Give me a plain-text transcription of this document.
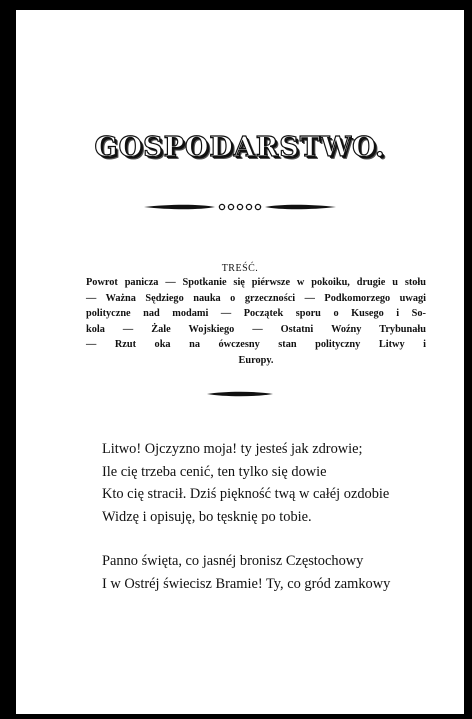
GOSPODARSTWO.
TREŚĆ.
Powrot panicza — Spotkanie się piérwsze w pokoiku, drugie u stołu
— Ważna Sędziego nauka o grzeczności — Podkomorzego uwagi
polityczne nad modami — Początek sporu o Kusego i So-
kola — Żale Wojskiego — Ostatni Woźny Trybunału
— Rzut oka na ówczesny stan polityczny Litwy i
Europy.
Litwo! Ojczyzno moja! ty jesteś jak zdrowie;
Ile cię trzeba cenić, ten tylko się dowie
Kto cię stracił. Dziś piękność twą w całéj ozdobie
Widzę i opisuję, bo tęsknię po tobie.
Panno święta, co jasnéj bronisz Częstochowy
I w Ostréj świecisz Bramie! Ty, co gród zamkowy
